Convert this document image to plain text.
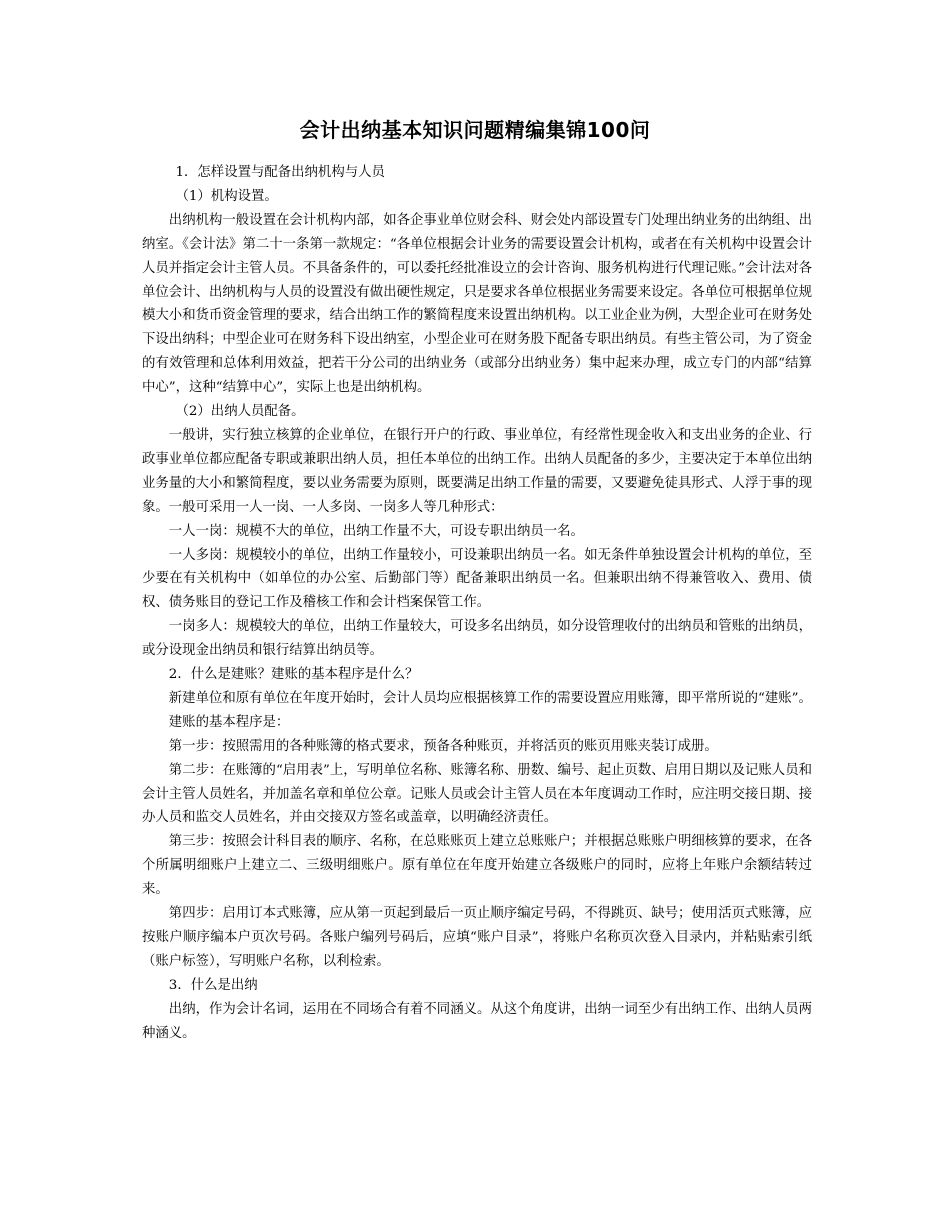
会计出纳基本知识问题精编集锦100问

1．怎样设置与配备出纳机构与人员

（1）机构设置。

出纳机构一般设置在会计机构内部，如各企事业单位财会科、财会处内部设置专门处理出纳业务的出纳组、出纳室。《会计法》第二十一条第一款规定：“各单位根据会计业务的需要设置会计机构，或者在有关机构中设置会计人员并指定会计主管人员。不具备条件的，可以委托经批准设立的会计咨询、服务机构进行代理记账。”会计法对各单位会计、出纳机构与人员的设置没有做出硬性规定，只是要求各单位根据业务需要来设定。各单位可根据单位规模大小和货币资金管理的要求，结合出纳工作的繁简程度来设置出纳机构。以工业企业为例，大型企业可在财务处下设出纳科；中型企业可在财务科下设出纳室，小型企业可在财务股下配备专职出纳员。有些主管公司，为了资金的有效管理和总体利用效益，把若干分公司的出纳业务（或部分出纳业务）集中起来办理，成立专门的内部“结算中心”，这种“结算中心”，实际上也是出纳机构。

（2）出纳人员配备。

一般讲，实行独立核算的企业单位，在银行开户的行政、事业单位，有经常性现金收入和支出业务的企业、行政事业单位都应配备专职或兼职出纳人员，担任本单位的出纳工作。出纳人员配备的多少，主要决定于本单位出纳业务量的大小和繁简程度，要以业务需要为原则，既要满足出纳工作量的需要，又要避免徒具形式、人浮于事的现象。一般可采用一人一岗、一人多岗、一岗多人等几种形式：

一人一岗：规模不大的单位，出纳工作量不大，可设专职出纳员一名。

一人多岗：规模较小的单位，出纳工作量较小，可设兼职出纳员一名。如无条件单独设置会计机构的单位，至少要在有关机构中（如单位的办公室、后勤部门等）配备兼职出纳员一名。但兼职出纳不得兼管收入、费用、债权、债务账目的登记工作及稽核工作和会计档案保管工作。

一岗多人：规模较大的单位，出纳工作量较大，可设多名出纳员，如分设管理收付的出纳员和管账的出纳员，或分设现金出纳员和银行结算出纳员等。

2．什么是建账？建账的基本程序是什么？

新建单位和原有单位在年度开始时，会计人员均应根据核算工作的需要设置应用账簿，即平常所说的“建账”。

建账的基本程序是：

第一步：按照需用的各种账簿的格式要求，预备各种账页，并将活页的账页用账夹装订成册。

第二步：在账簿的“启用表”上，写明单位名称、账簿名称、册数、编号、起止页数、启用日期以及记账人员和会计主管人员姓名，并加盖名章和单位公章。记账人员或会计主管人员在本年度调动工作时，应注明交接日期、接办人员和监交人员姓名，并由交接双方签名或盖章，以明确经济责任。

第三步：按照会计科目表的顺序、名称，在总账账页上建立总账账户；并根据总账账户明细核算的要求，在各个所属明细账户上建立二、三级明细账户。原有单位在年度开始建立各级账户的同时，应将上年账户余额结转过来。

第四步：启用订本式账簿，应从第一页起到最后一页止顺序编定号码，不得跳页、缺号；使用活页式账簿，应按账户顺序编本户页次号码。各账户编列号码后，应填“账户目录”，将账户名称页次登入目录内，并粘贴索引纸（账户标签），写明账户名称，以利检索。

3．什么是出纳

出纳，作为会计名词，运用在不同场合有着不同涵义。从这个角度讲，出纳一词至少有出纳工作、出纳人员两种涵义。
